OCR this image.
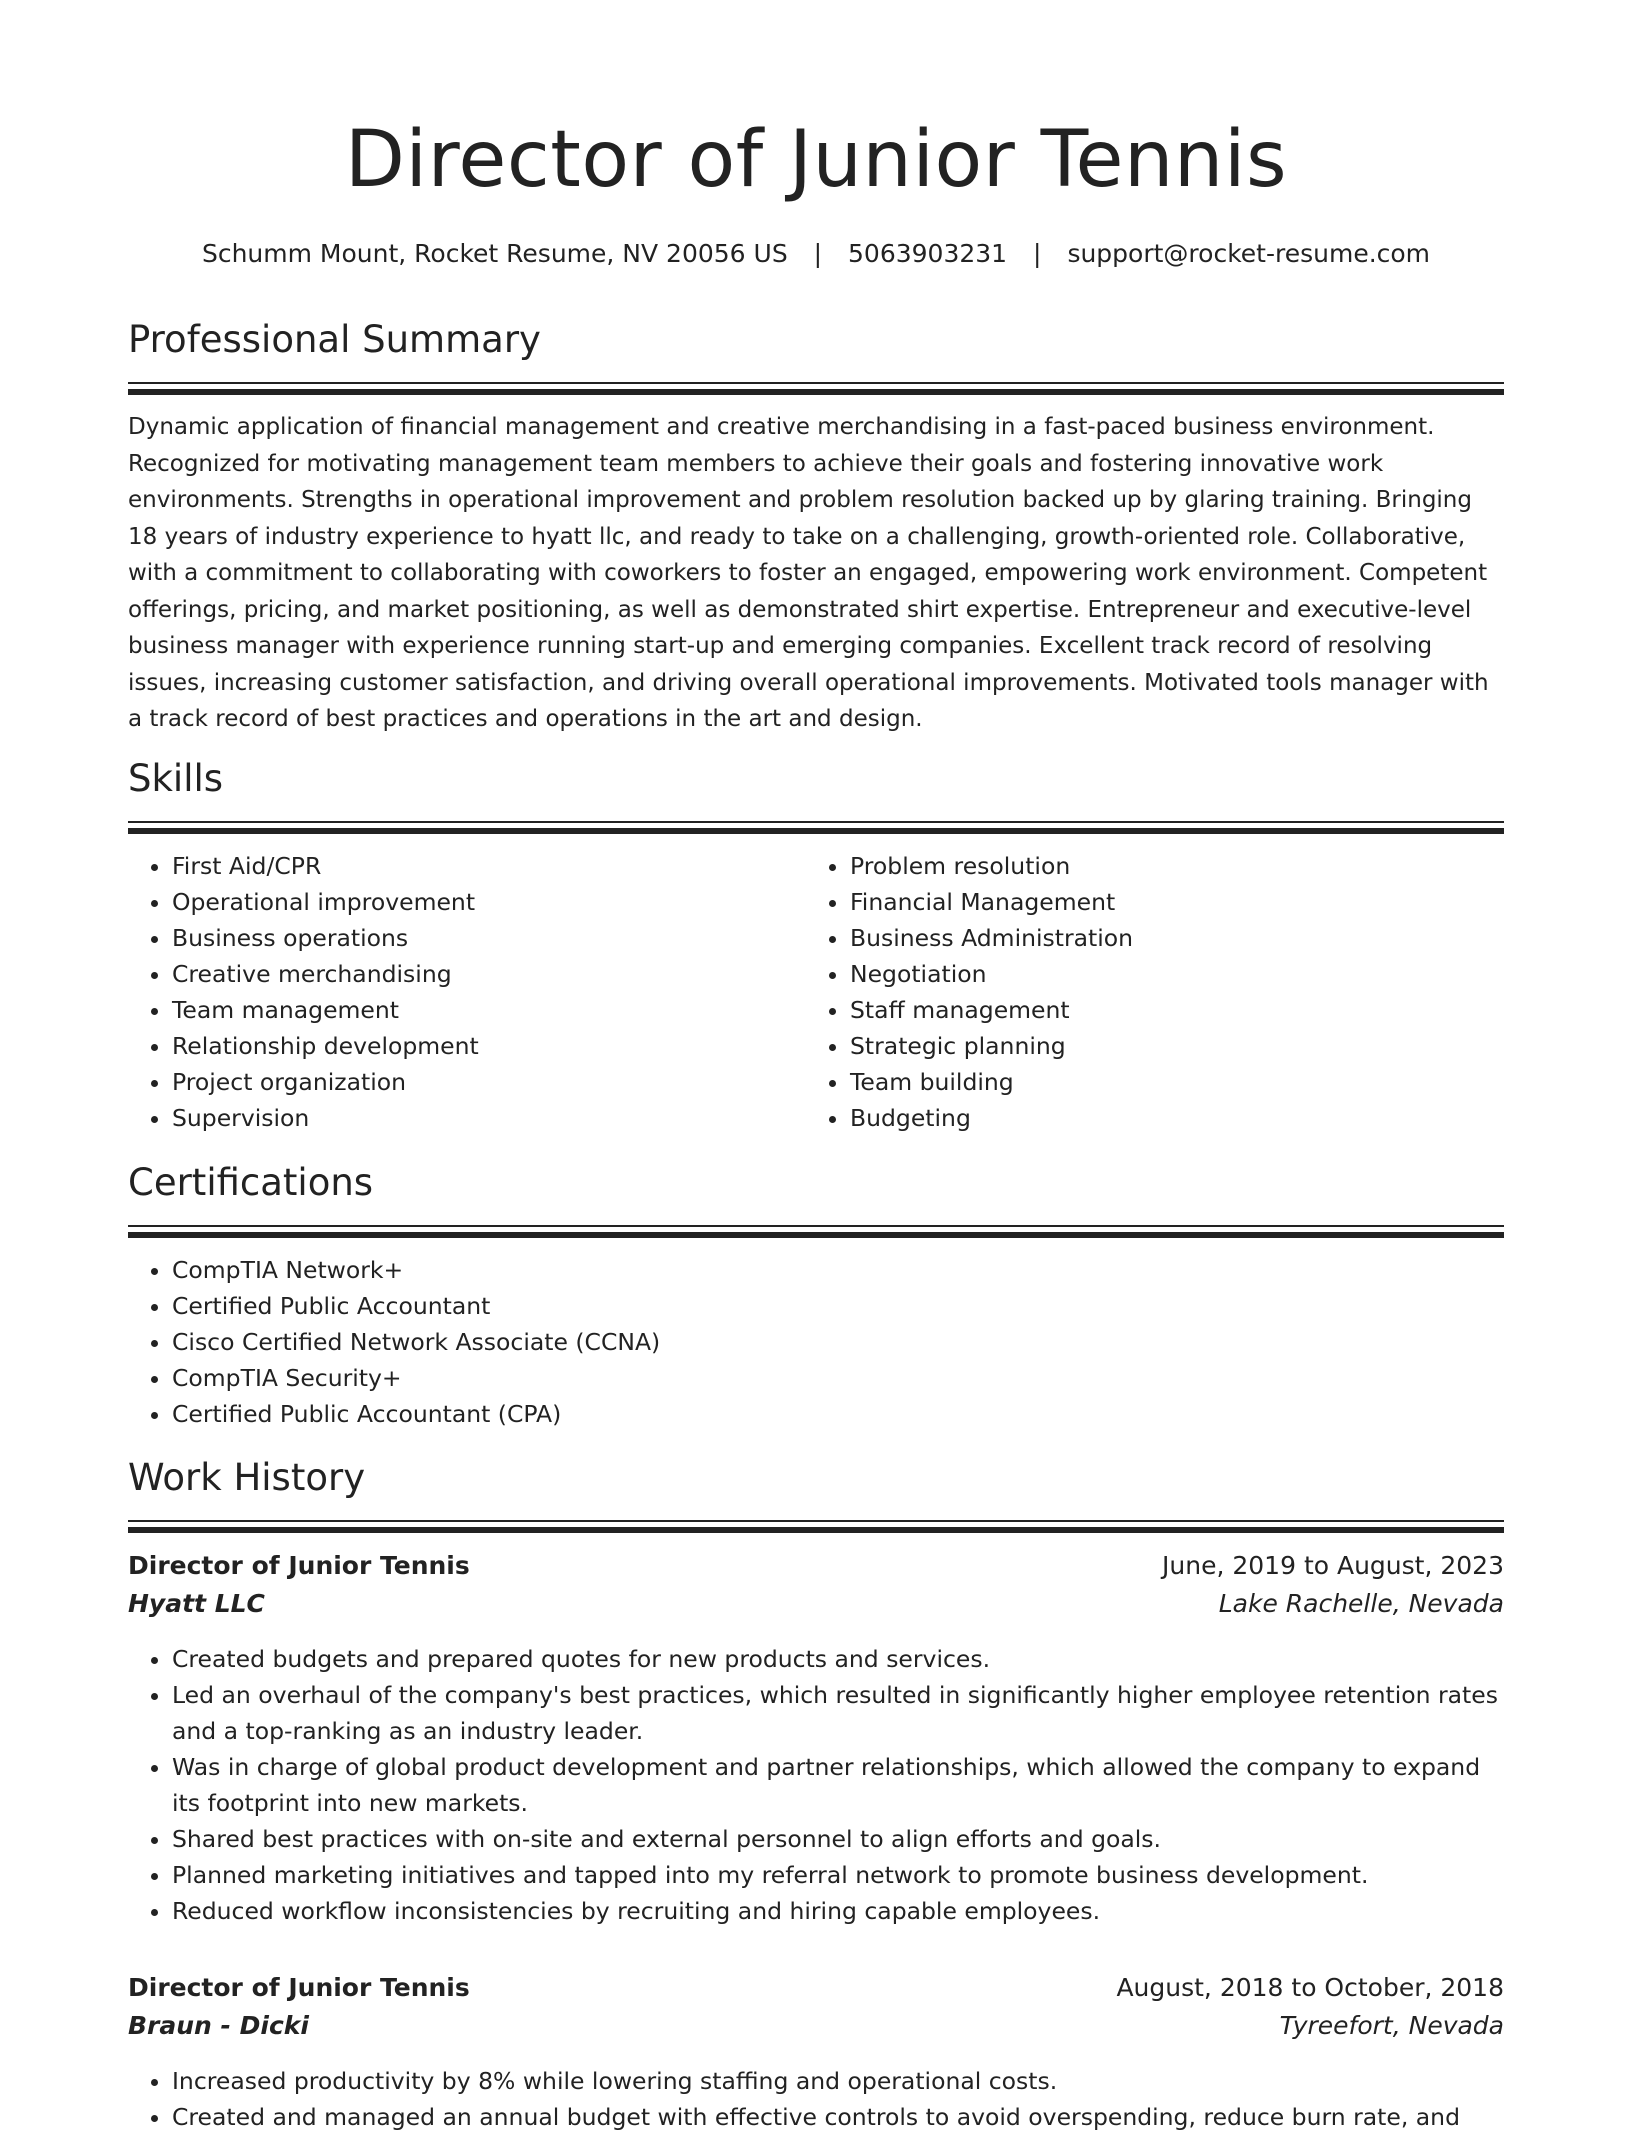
Director of Junior Tennis
Schumm Mount, Rocket Resume, NV 20056 US | 5063903231 | support@rocket-resume.com
Professional Summary

Dynamic application of financial management and creative merchandising in a fast-paced business environment. Recognized for motivating management team members to achieve their goals and fostering innovative work environments. Strengths in operational improvement and problem resolution backed up by glaring training. Bringing 18 years of industry experience to hyatt llc, and ready to take on a challenging, growth-oriented role. Collaborative, with a commitment to collaborating with coworkers to foster an engaged, empowering work environment. Competent offerings, pricing, and market positioning, as well as demonstrated shirt expertise. Entrepreneur and executive-level business manager with experience running start-up and emerging companies. Excellent track record of resolving issues, increasing customer satisfaction, and driving overall operational improvements. Motivated tools manager with a track record of best practices and operations in the art and design.

Skills
• First Aid/CPR
• Operational improvement
• Business operations
• Creative merchandising
• Team management
• Relationship development
• Project organization
• Supervision
• Problem resolution
• Financial Management
• Business Administration
• Negotiation
• Staff management
• Strategic planning
• Team building
• Budgeting
Certifications
• CompTIA Network+
• Certified Public Accountant
• Cisco Certified Network Associate (CCNA)
• CompTIA Security+
• Certified Public Accountant (CPA)
Work History
Director of Junior Tennis	June, 2019 to August, 2023
Hyatt LLC	Lake Rachelle, Nevada
• Created budgets and prepared quotes for new products and services.
• Led an overhaul of the company's best practices, which resulted in significantly higher employee retention rates and a top-ranking as an industry leader.
• Was in charge of global product development and partner relationships, which allowed the company to expand its footprint into new markets.
• Shared best practices with on-site and external personnel to align efforts and goals.
• Planned marketing initiatives and tapped into my referral network to promote business development.
• Reduced workflow inconsistencies by recruiting and hiring capable employees.
Director of Junior Tennis	August, 2018 to October, 2018
Braun - Dicki	Tyreefort, Nevada
• Increased productivity by 8% while lowering staffing and operational costs.
• Created and managed an annual budget with effective controls to avoid overspending, reduce burn rate, and
